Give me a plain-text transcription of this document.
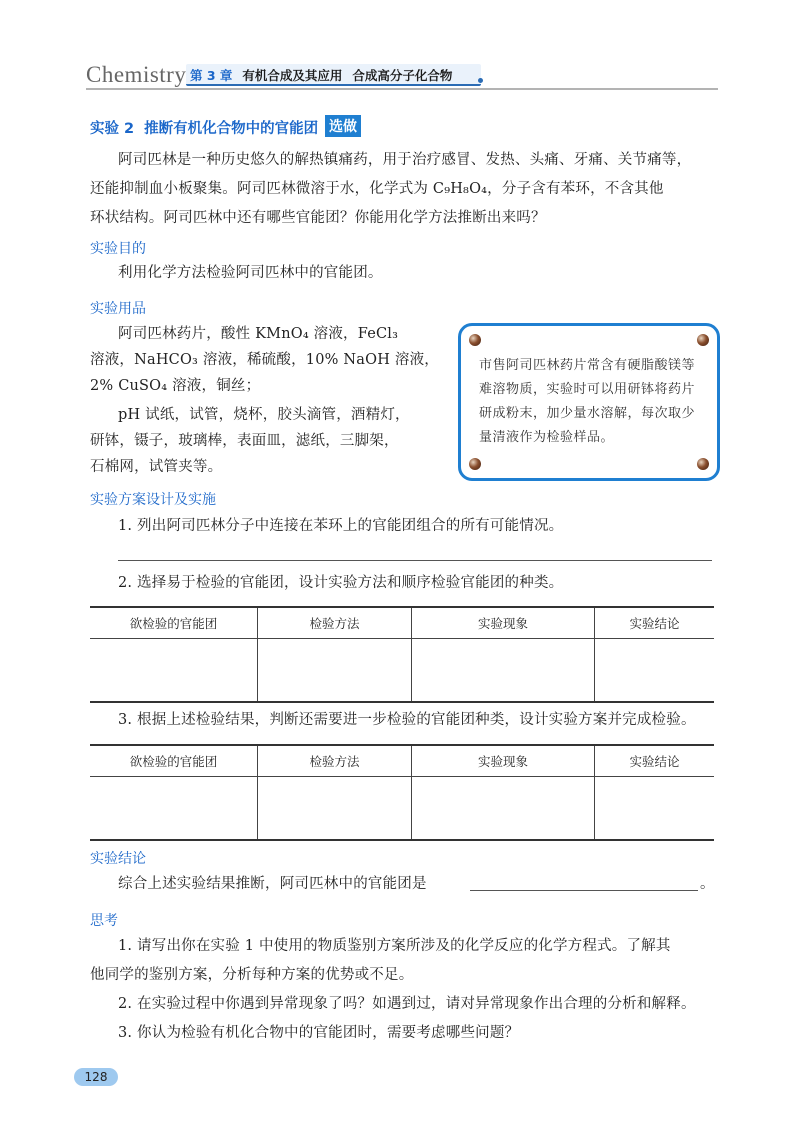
Chemistry 第 3 章 有机合成及其应用 合成高分子化合物
实验 2 推断有机化合物中的官能团 选做
阿司匹林是一种历史悠久的解热镇痛药，用于治疗感冒、发热、头痛、牙痛、关节痛等，
还能抑制血小板聚集。阿司匹林微溶于水，化学式为 C₉H₈O₄，分子含有苯环，不含其他
环状结构。阿司匹林中还有哪些官能团？你能用化学方法推断出来吗？
实验目的
利用化学方法检验阿司匹林中的官能团。
实验用品
阿司匹林药片，酸性 KMnO₄ 溶液，FeCl₃
溶液，NaHCO₃ 溶液，稀硫酸，10% NaOH 溶液，
2% CuSO₄ 溶液，铜丝；
pH 试纸，试管，烧杯，胶头滴管，酒精灯，
研钵，镊子，玻璃棒，表面皿，滤纸，三脚架，
石棉网，试管夹等。
市售阿司匹林药片常含有硬脂酸镁等难溶物质，实验时可以用研钵将药片研成粉末，加少量水溶解，每次取少量清液作为检验样品。
实验方案设计及实施
1. 列出阿司匹林分子中连接在苯环上的官能团组合的所有可能情况。
2. 选择易于检验的官能团，设计实验方法和顺序检验官能团的种类。
欲检验的官能团	检验方法	实验现象	实验结论

3. 根据上述检验结果，判断还需要进一步检验的官能团种类，设计实验方案并完成检验。
欲检验的官能团	检验方法	实验现象	实验结论

实验结论
综合上述实验结果推断，阿司匹林中的官能团是	。
思考
1. 请写出你在实验 1 中使用的物质鉴别方案所涉及的化学反应的化学方程式。了解其
他同学的鉴别方案，分析每种方案的优势或不足。
2. 在实验过程中你遇到异常现象了吗？如遇到过，请对异常现象作出合理的分析和解释。
3. 你认为检验有机化合物中的官能团时，需要考虑哪些问题？
128
